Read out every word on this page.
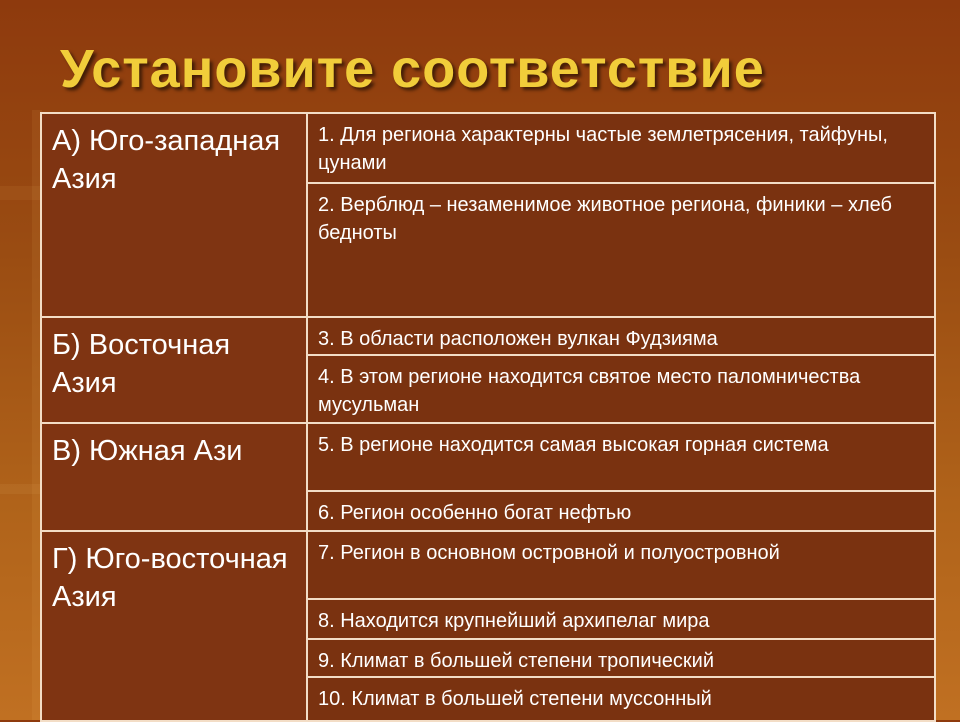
Установите соответствие
А) Юго-западная Азия	1. Для региона характерны частые землетрясения, тайфуны, цунами
	2. Верблюд – незаменимое животное региона, финики – хлеб бедноты
Б) Восточная Азия	3. В области расположен вулкан Фудзияма
	4. В этом регионе находится святое место паломничества мусульман
В) Южная Ази	5. В регионе находится самая высокая горная система
	6. Регион особенно богат нефтью
Г) Юго-восточная Азия	7. Регион в основном островной и полуостровной
	8. Находится крупнейший архипелаг мира
	9. Климат в большей степени тропический
	10. Климат в большей степени муссонный
